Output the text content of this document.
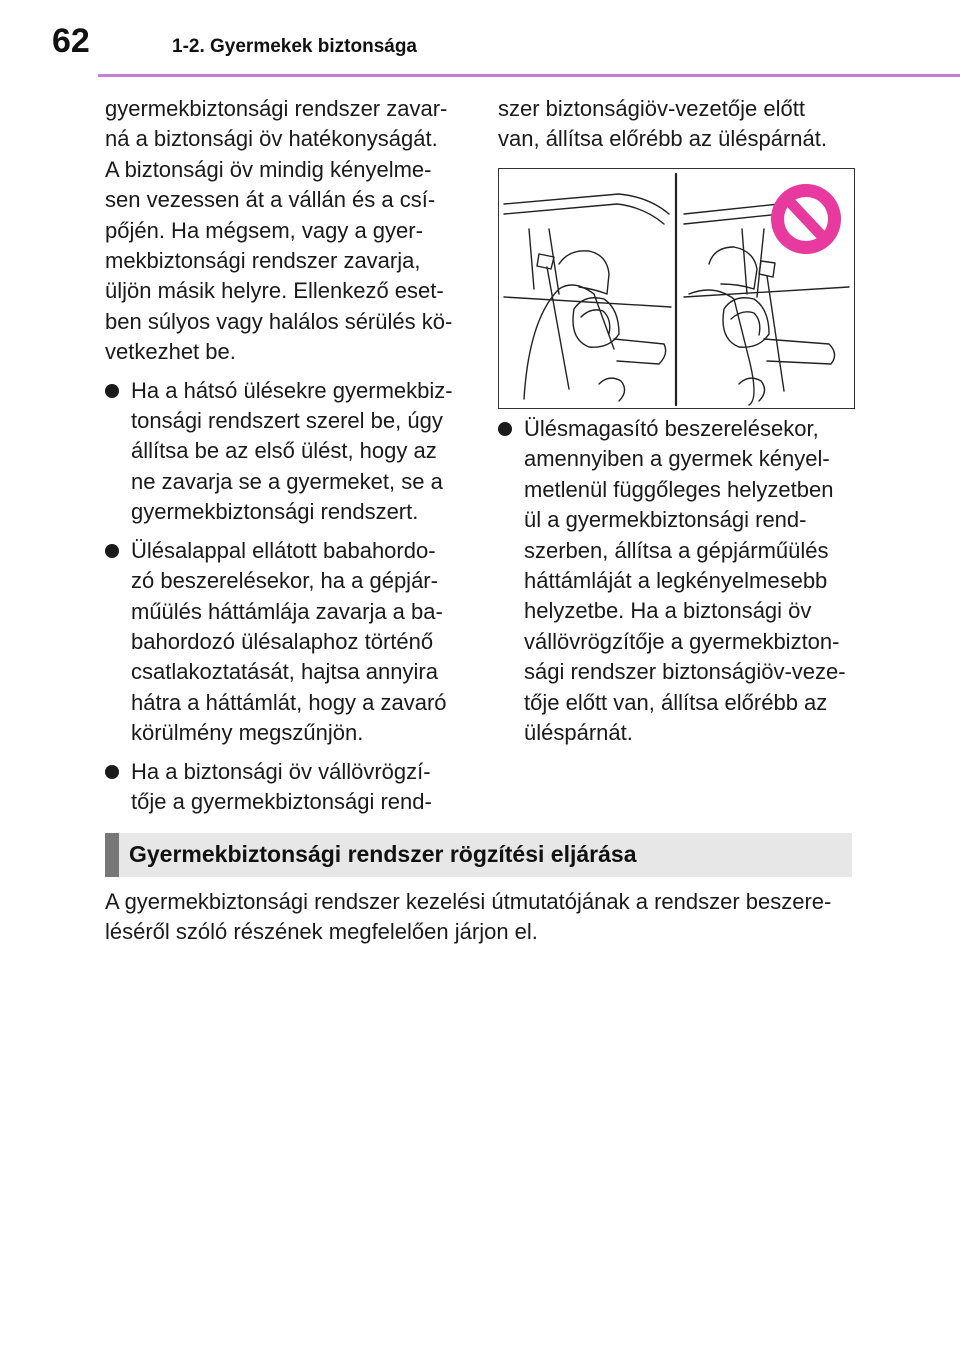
62	1-2. Gyermekek biztonsága

gyermekbiztonsági rendszer zavar-
ná a biztonsági öv hatékonyságát.
A biztonsági öv mindig kényelme-
sen vezessen át a vállán és a csí-
pőjén. Ha mégsem, vagy a gyer-
mekbiztonsági rendszer zavarja,
üljön másik helyre. Ellenkező eset-
ben súlyos vagy halálos sérülés kö-
vetkezhet be.

Ha a hátsó ülésekre gyermekbiz-
tonsági rendszert szerel be, úgy
állítsa be az első ülést, hogy az
ne zavarja se a gyermeket, se a
gyermekbiztonsági rendszert.
Ülésalappal ellátott babahordo-
zó beszerelésekor, ha a gépjár-
műülés háttámlája zavarja a ba-
bahordozó ülésalaphoz történő
csatlakoztatását, hajtsa annyira
hátra a háttámlát, hogy a zavaró
körülmény megszűnjön.
Ha a biztonsági öv vállövrögzí-
tője a gyermekbiztonsági rend-

szer biztonságiöv-vezetője előtt
van, állítsa előrébb az üléspárnát.

Ülésmagasító beszerelésekor,
amennyiben a gyermek kényel-
metlenül függőleges helyzetben
ül a gyermekbiztonsági rend-
szerben, állítsa a gépjárműülés
háttámláját a legkényelmesebb
helyzetbe. Ha a biztonsági öv
vállövrögzítője a gyermekbizton-
sági rendszer biztonságiöv-veze-
tője előtt van, állítsa előrébb az
üléspárnát.
Gyermekbiztonsági rendszer rögzítési eljárása
A gyermekbiztonsági rendszer kezelési útmutatójának a rendszer beszere-
léséről szóló részének megfelelően járjon el.
